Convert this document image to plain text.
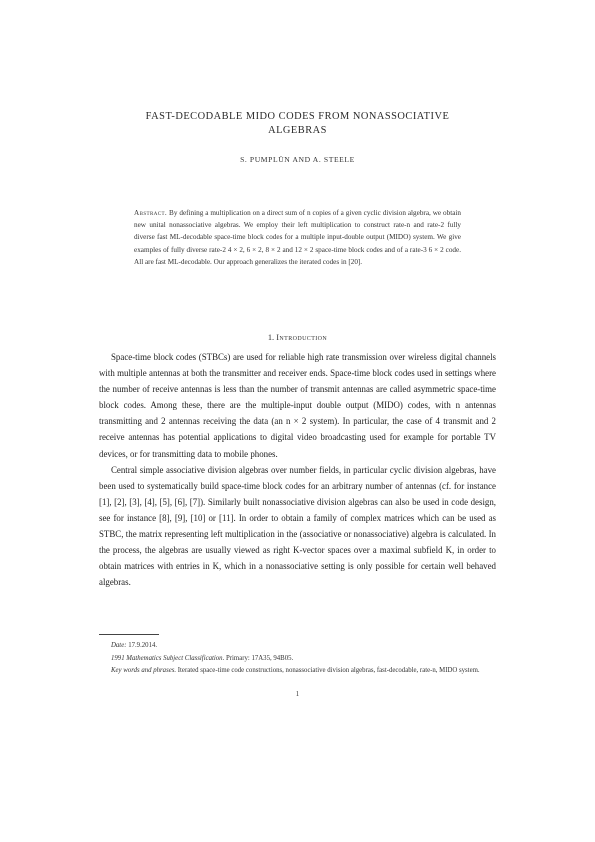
FAST-DECODABLE MIDO CODES FROM NONASSOCIATIVE
ALGEBRAS
S. PUMPLÜN AND A. STEELE
Abstract. By defining a multiplication on a direct sum of n copies of a given cyclic division algebra, we obtain new unital nonassociative algebras. We employ their left multiplication to construct rate-n and rate-2 fully diverse fast ML-decodable space-time block codes for a multiple input-double output (MIDO) system. We give examples of fully diverse rate-2 4 × 2, 6 × 2, 8 × 2 and 12 × 2 space-time block codes and of a rate-3 6 × 2 code. All are fast ML-decodable. Our approach generalizes the iterated codes in [20].
1. Introduction

Space-time block codes (STBCs) are used for reliable high rate transmission over wireless digital channels with multiple antennas at both the transmitter and receiver ends. Space-time block codes used in settings where the number of receive antennas is less than the number of transmit antennas are called asymmetric space-time block codes. Among these, there are the multiple-input double output (MIDO) codes, with n antennas transmitting and 2 antennas receiving the data (an n × 2 system). In particular, the case of 4 transmit and 2 receive antennas has potential applications to digital video broadcasting used for example for portable TV devices, or for transmitting data to mobile phones.

Central simple associative division algebras over number fields, in particular cyclic division algebras, have been used to systematically build space-time block codes for an arbitrary number of antennas (cf. for instance [1], [2], [3], [4], [5], [6], [7]). Similarly built nonassociative division algebras can also be used in code design, see for instance [8], [9], [10] or [11]. In order to obtain a family of complex matrices which can be used as STBC, the matrix representing left multiplication in the (associative or nonassociative) algebra is calculated. In the process, the algebras are usually viewed as right K-vector spaces over a maximal subfield K, in order to obtain matrices with entries in K, which in a nonassociative setting is only possible for certain well behaved algebras.

Date: 17.9.2014.
1991 Mathematics Subject Classification. Primary: 17A35, 94B05.
Key words and phrases. Iterated space-time code constructions, nonassociative division algebras, fast-decodable, rate-n, MIDO system.
1
